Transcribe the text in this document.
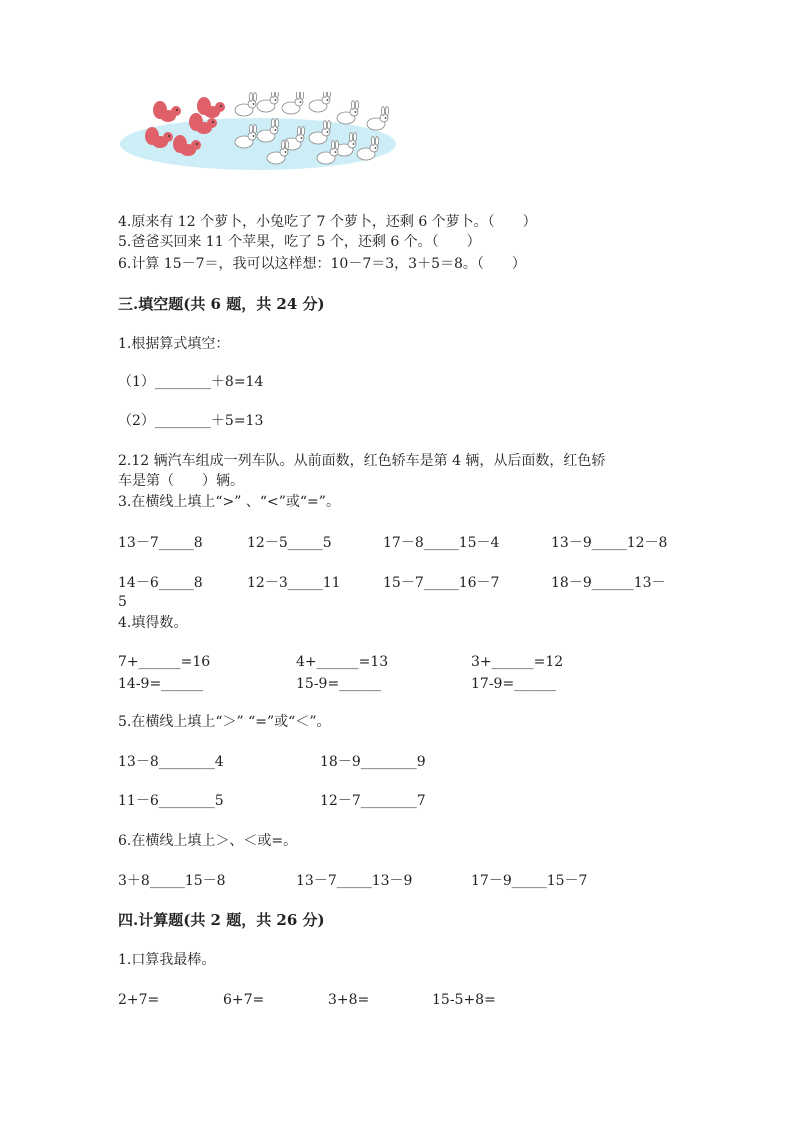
4.原来有 12 个萝卜，小兔吃了 7 个萝卜，还剩 6 个萝卜。（　　）
5.爸爸买回来 11 个苹果，吃了 5 个，还剩 6 个。（　　）
6.计算 15－7＝，我可以这样想：10－7＝3，3＋5＝8。（　　）
三.填空题(共 6 题，共 24 分)
1.根据算式填空：
（1）________＋8=14
（2）________＋5=13
2.12 辆汽车组成一列车队。从前面数，红色轿车是第 4 辆，从后面数，红色轿
车是第（　　）辆。
3.在横线上填上“>” 、“<”或“=”。
13－7_____8	12－5_____5	17－8_____15－4	13－9_____12－8
14－6_____8	12－3_____11	15－7_____16－7	18－9______13－
5
4.填得数。
7+______=16	4+______=13	3+______=12
14-9=______	15-9=______	17-9=______
5.在横线上填上“＞” “=”或“＜”。
13－8________4	18－9________9
11－6________5	12－7________7
6.在横线上填上＞、＜或=。
3＋8_____15－8	13－7_____13－9	17－9_____15－7
四.计算题(共 2 题，共 26 分)
1.口算我最棒。
2+7=	6+7=	3+8=	15-5+8=
